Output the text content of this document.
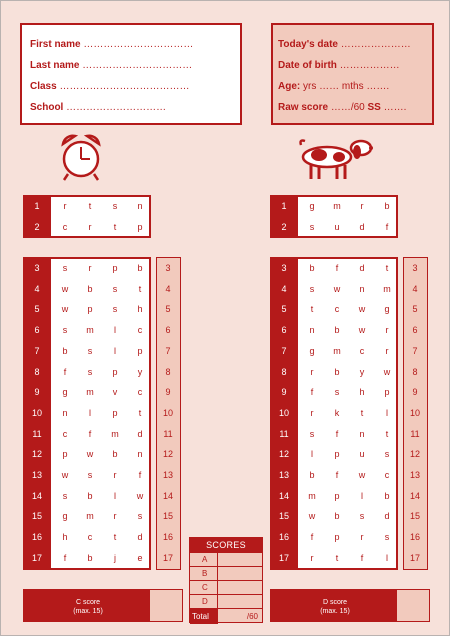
First name ……………………………
Last name ……………………………
Class …………………………………
School …………………………
Today's date …………………
Date of birth ………………
Age: yrs …… mths …….
Raw score ……/60 SS …….
1	r	t	s	n
2	c	r	t	p
1	g	m	r	b
2	s	u	d	f
3	s	r	p	b	3
4	w	b	s	t	4
5	w	p	s	h	5
6	s	m	l	c	6
7	b	s	l	p	7
8	f	s	p	y	8
9	g	m	v	c	9
10	n	l	p	t	10
11	c	f	m	d	11
12	p	w	b	n	12
13	w	s	r	f	13
14	s	b	l	w	14
15	g	m	r	s	15
16	h	c	t	d	16
17	f	b	j	e	17
3	b	f	d	t	3
4	s	w	n	m	4
5	t	c	w	g	5
6	n	b	w	r	6
7	g	m	c	r	7
8	r	b	y	w	8
9	f	s	h	p	9
10	r	k	t	l	10
11	s	f	n	t	11
12	l	p	u	s	12
13	b	f	w	c	13
14	m	p	l	b	14
15	w	b	s	d	15
16	f	p	r	s	16
17	r	t	f	l	17
SCORES
A
B
C
D
Total	/60
C score
(max. 15)
D score
(max. 15)
